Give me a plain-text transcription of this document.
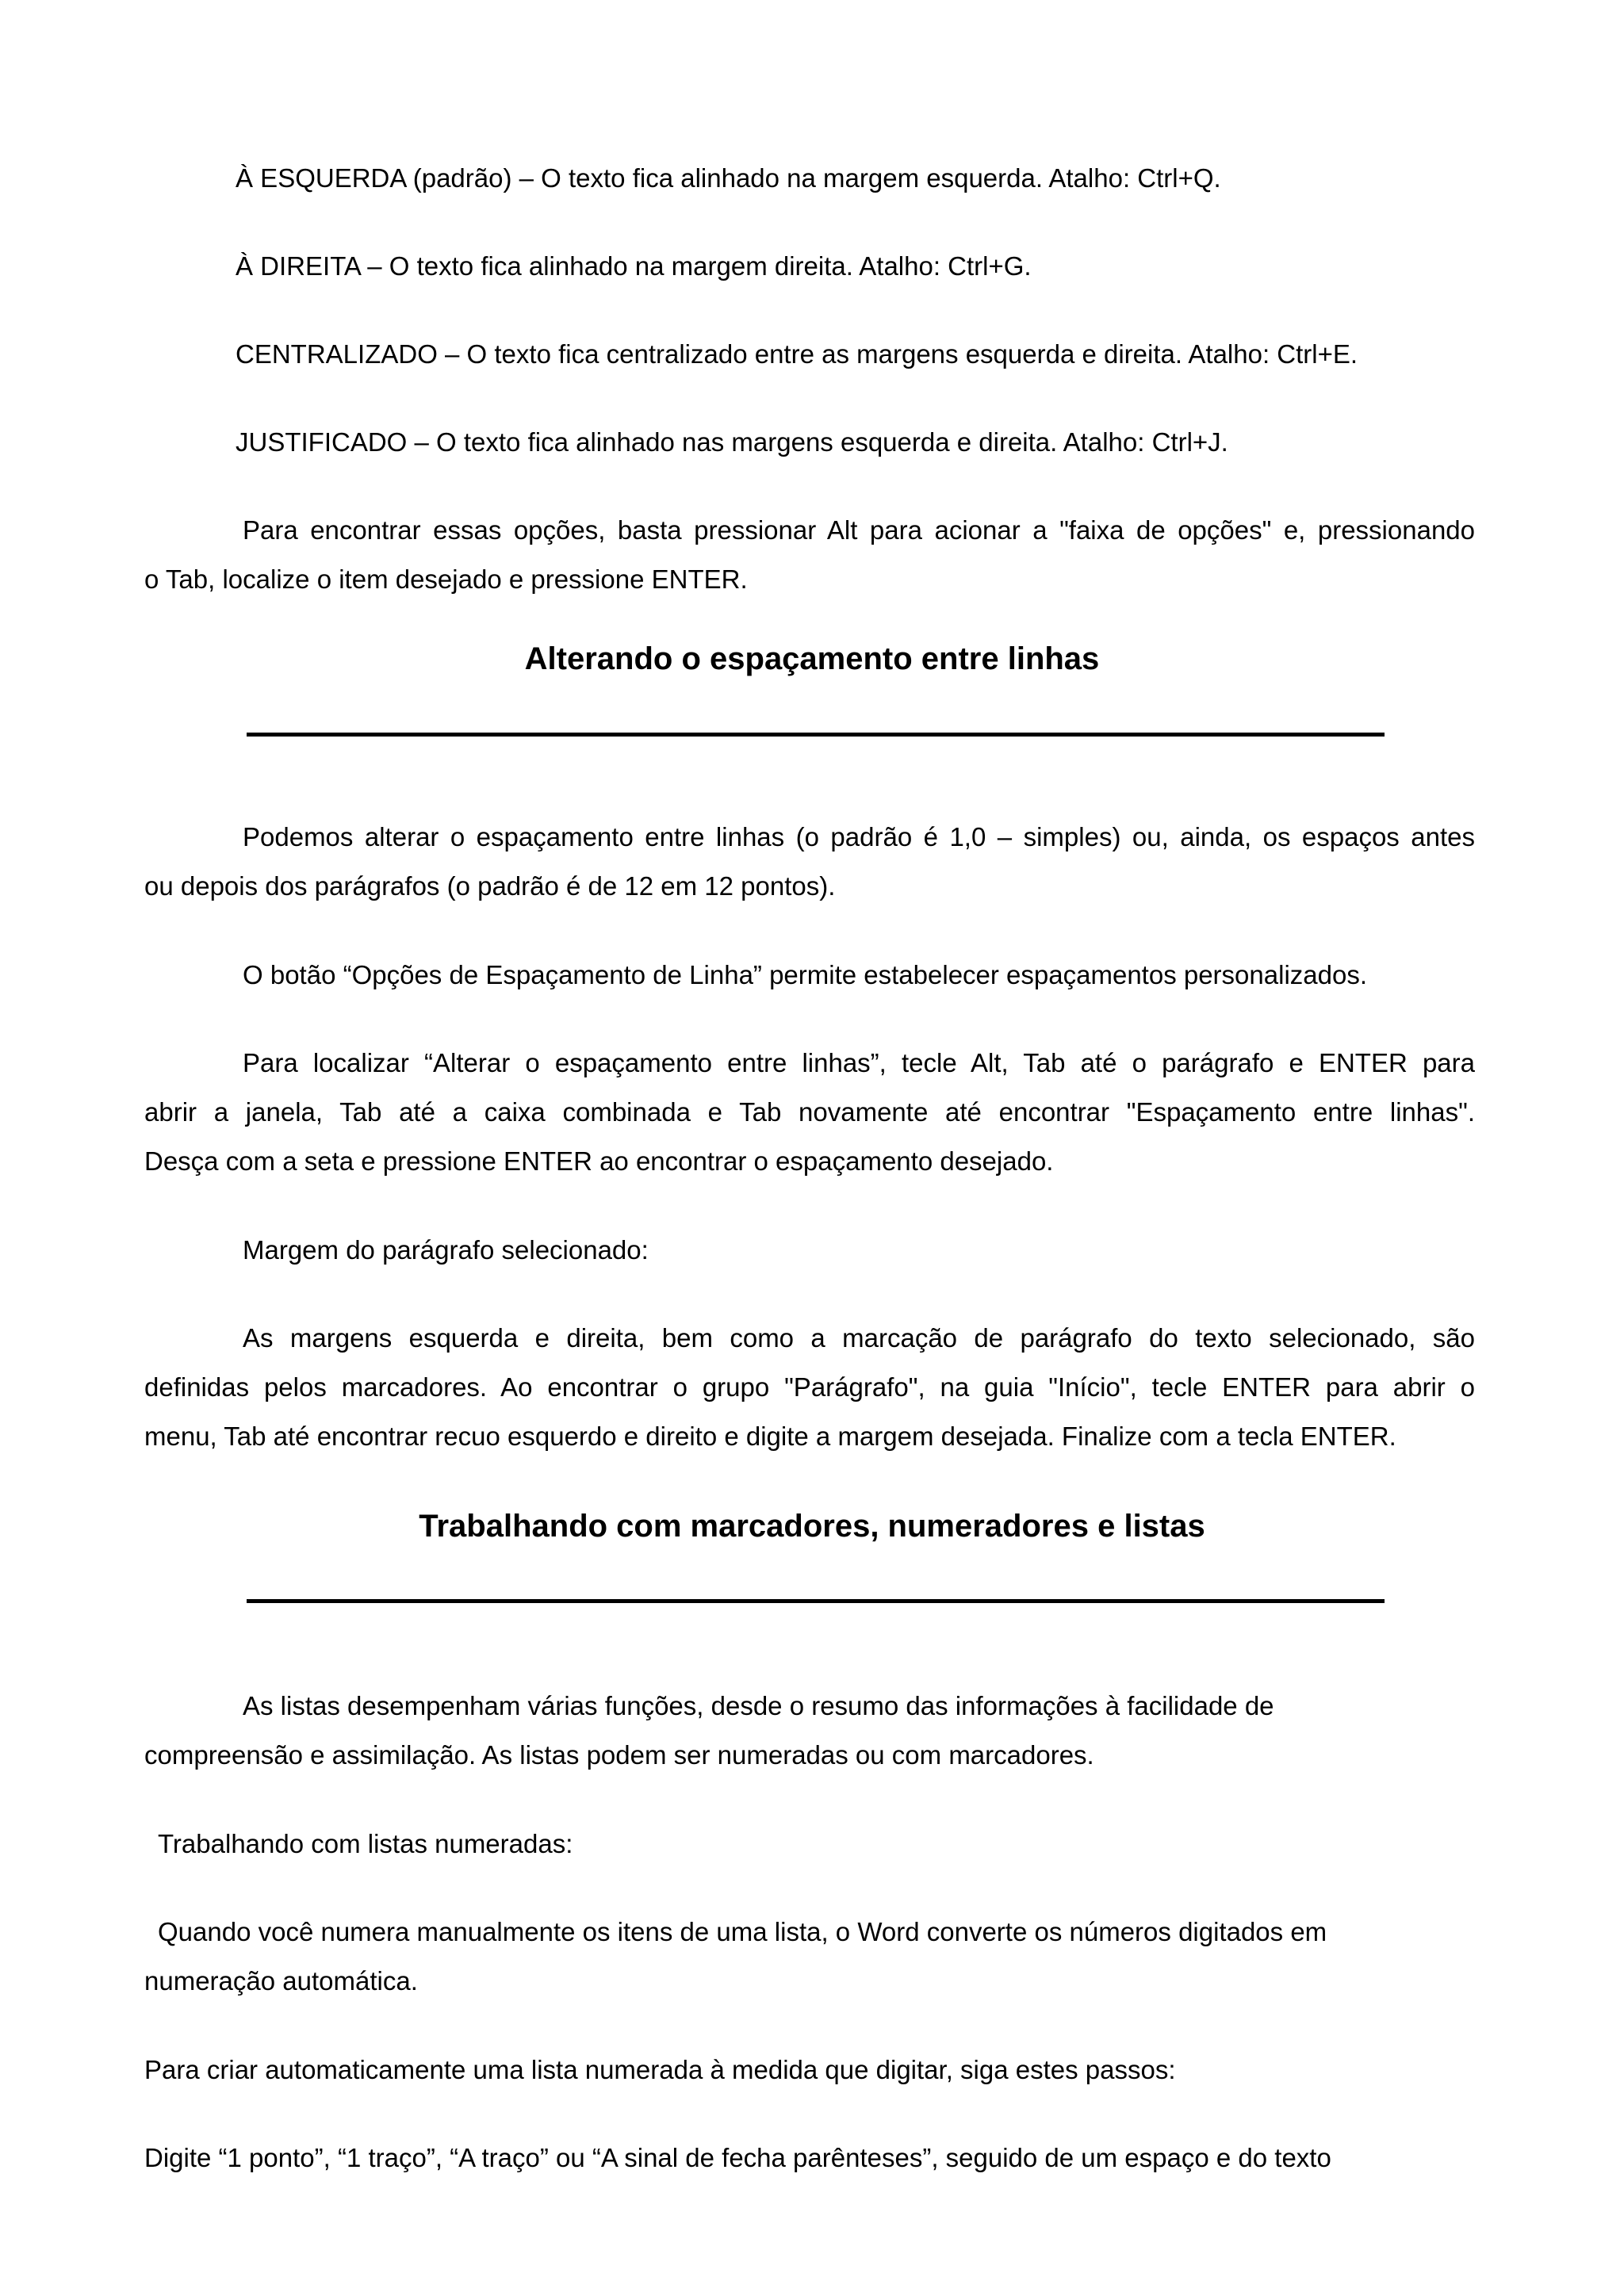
À ESQUERDA (padrão) – O texto fica alinhado na margem esquerda. Atalho: Ctrl+Q.

À DIREITA – O texto fica alinhado na margem direita. Atalho: Ctrl+G.

CENTRALIZADO – O texto fica centralizado entre as margens esquerda e direita. Atalho: Ctrl+E.

JUSTIFICADO – O texto fica alinhado nas margens esquerda e direita. Atalho: Ctrl+J.

Para encontrar essas opções, basta pressionar Alt para acionar a "faixa de opções" e, pressionando
o Tab, localize o item desejado e pressione ENTER.
Alterando o espaçamento entre linhas
Podemos alterar o espaçamento entre linhas (o padrão é 1,0 – simples) ou, ainda, os espaços antes
ou depois dos parágrafos (o padrão é de 12 em 12 pontos).

O botão “Opções de Espaçamento de Linha” permite estabelecer espaçamentos personalizados.

Para localizar “Alterar o espaçamento entre linhas”, tecle Alt, Tab até o parágrafo e ENTER para
abrir a janela, Tab até a caixa combinada e Tab novamente até encontrar "Espaçamento entre linhas".
Desça com a seta e pressione ENTER ao encontrar o espaçamento desejado.

Margem do parágrafo selecionado:

As margens esquerda e direita, bem como a marcação de parágrafo do texto selecionado, são
definidas pelos marcadores. Ao encontrar o grupo "Parágrafo", na guia "Início", tecle ENTER para abrir o
menu, Tab até encontrar recuo esquerdo e direito e digite a margem desejada. Finalize com a tecla ENTER.
Trabalhando com marcadores, numeradores e listas
As listas desempenham várias funções, desde o resumo das informações à facilidade de
compreensão e assimilação. As listas podem ser numeradas ou com marcadores.

Trabalhando com listas numeradas:

Quando você numera manualmente os itens de uma lista, o Word converte os números digitados em
numeração automática.

Para criar automaticamente uma lista numerada à medida que digitar, siga estes passos:

Digite “1 ponto”, “1 traço”, “A traço” ou “A sinal de fecha parênteses”, seguido de um espaço e do texto
